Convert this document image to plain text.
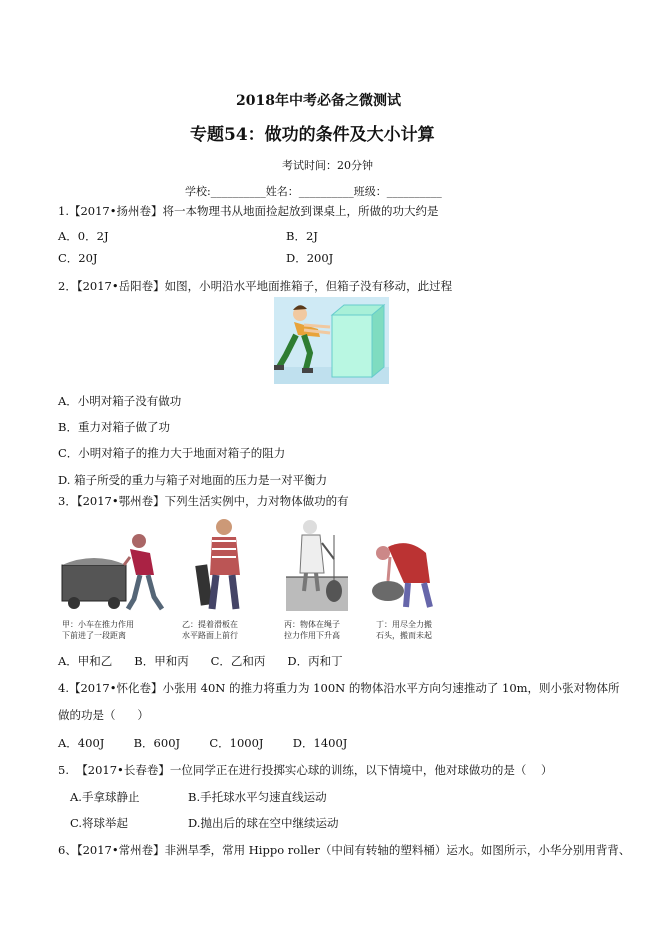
2018年中考必备之微测试
专题54：做功的条件及大小计算
考试时间：20分钟
学校:__________姓名：__________班级：__________
1.【2017•扬州卷】将一本物理书从地面捡起放到课桌上，所做的功大约是
A．0．2J	B．2J
C．20J	D．200J
2．【2017•岳阳卷】如图，小明沿水平地面推箱子，但箱子没有移动，此过程
A．小明对箱子没有做功
B．重力对箱子做了功
C．小明对箱子的推力大于地面对箱子的阻力
D. 箱子所受的重力与箱子对地面的压力是一对平衡力
3．【2017•鄂州卷】下列生活实例中，力对物体做功的有
甲：小车在推力作用
下前进了一段距离
乙：提着滑板在
水平路面上前行
丙：物体在绳子
拉力作用下升高
丁：用尽全力搬
石头，搬而未起
A．甲和乙      B．甲和丙      C．乙和丙      D．丙和丁
4.【2017•怀化卷】小张用 40N 的推力将重力为 100N 的物体沿水平方向匀速推动了 10m，则小张对物体所
做的功是（      ）
A．400J        B．600J        C．1000J        D．1400J
5.  【2017•长春卷】一位同学正在进行投掷实心球的训练，以下情境中，他对球做功的是（    ）
A.手拿球静止	B.手托球水平匀速直线运动
C.将球举起	D.抛出后的球在空中继续运动
6、【2017•常州卷】非洲旱季，常用 Hippo roller（中间有转轴的塑料桶）运水。如图所示，小华分别用背背、
